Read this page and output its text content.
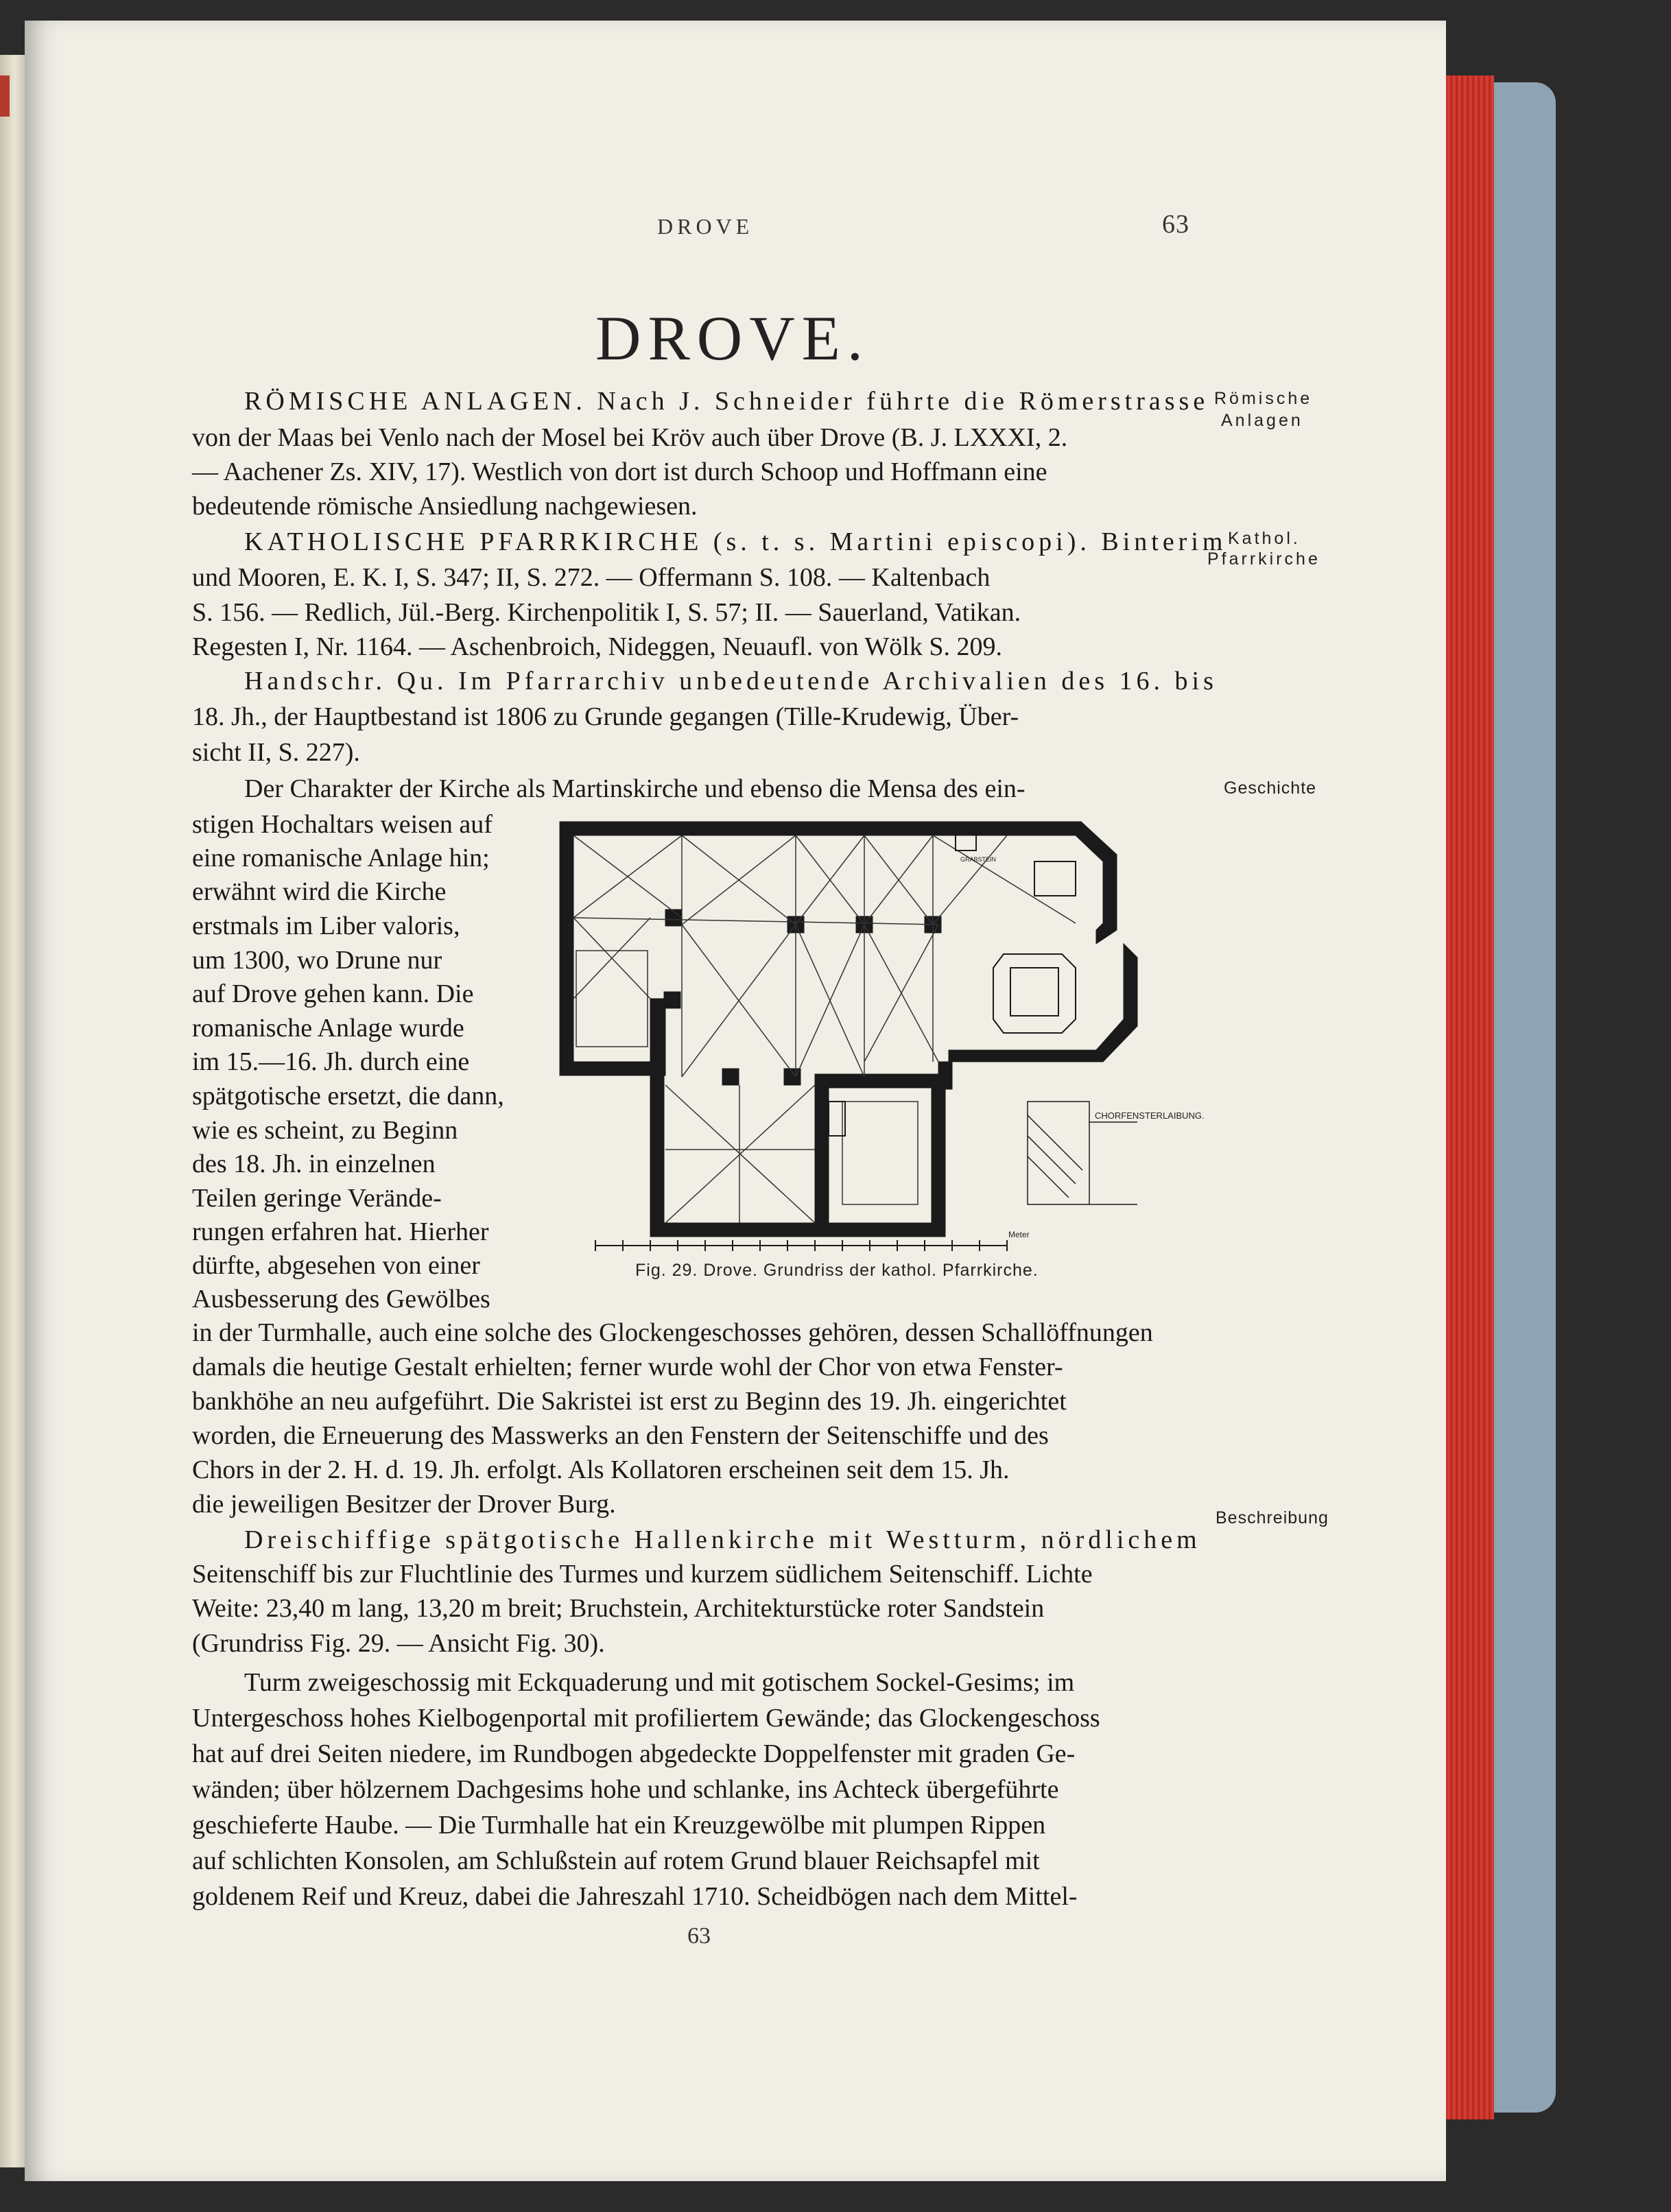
DROVE	63
DROVE.
Römische
Anlagen
Kathol.
Pfarrkirche
Geschichte
Beschreibung
RÖMISCHE ANLAGEN. Nach J. Schneider führte die Römerstrasse
von der Maas bei Venlo nach der Mosel bei Kröv auch über Drove (B. J. LXXXI, 2.
— Aachener Zs. XIV, 17). Westlich von dort ist durch Schoop und Hoffmann eine
bedeutende römische Ansiedlung nachgewiesen.
KATHOLISCHE PFARRKIRCHE (s. t. s. Martini episcopi). Binterim
und Mooren, E. K. I, S. 347; II, S. 272. — Offermann S. 108. — Kaltenbach
S. 156. — Redlich, Jül.-Berg. Kirchenpolitik I, S. 57; II. — Sauerland, Vatikan.
Regesten I, Nr. 1164. — Aschenbroich, Nideggen, Neuaufl. von Wölk S. 209.
Handschr. Qu. Im Pfarrarchiv unbedeutende Archivalien des 16. bis
18. Jh., der Hauptbestand ist 1806 zu Grunde gegangen (Tille-Krudewig, Über-
sicht II, S. 227).
Der Charakter der Kirche als Martinskirche und ebenso die Mensa des ein-
stigen Hochaltars weisen auf
eine romanische Anlage hin;
erwähnt wird die Kirche
erstmals im Liber valoris,
um 1300, wo Drune nur
auf Drove gehen kann. Die
romanische Anlage wurde
im 15.—16. Jh. durch eine
spätgotische ersetzt, die dann,
wie es scheint, zu Beginn
des 18. Jh. in einzelnen
Teilen geringe Verände-
rungen erfahren hat. Hierher
dürfte, abgesehen von einer
Ausbesserung des Gewölbes
in der Turmhalle, auch eine solche des Glockengeschosses gehören, dessen Schallöffnungen
damals die heutige Gestalt erhielten; ferner wurde wohl der Chor von etwa Fenster-
bankhöhe an neu aufgeführt. Die Sakristei ist erst zu Beginn des 19. Jh. eingerichtet
worden, die Erneuerung des Masswerks an den Fenstern der Seitenschiffe und des
Chors in der 2. H. d. 19. Jh. erfolgt. Als Kollatoren erscheinen seit dem 15. Jh.
die jeweiligen Besitzer der Drover Burg.
Dreischiffige spätgotische Hallenkirche mit Westturm, nördlichem
Seitenschiff bis zur Fluchtlinie des Turmes und kurzem südlichem Seitenschiff. Lichte
Weite: 23,40 m lang, 13,20 m breit; Bruchstein, Architekturstücke roter Sandstein
(Grundriss Fig. 29. — Ansicht Fig. 30).
Turm zweigeschossig mit Eckquaderung und mit gotischem Sockel-Gesims; im
Untergeschoss hohes Kielbogenportal mit profiliertem Gewände; das Glockengeschoss
hat auf drei Seiten niedere, im Rundbogen abgedeckte Doppelfenster mit graden Ge-
wänden; über hölzernem Dachgesims hohe und schlanke, ins Achteck übergeführte
geschieferte Haube. — Die Turmhalle hat ein Kreuzgewölbe mit plumpen Rippen
auf schlichten Konsolen, am Schlußstein auf rotem Grund blauer Reichsapfel mit
goldenem Reif und Kreuz, dabei die Jahreszahl 1710. Scheidbögen nach dem Mittel-
CHORFENSTERLAIBUNG.
GRABSTEIN
Meter
Fig. 29. Drove. Grundriss der kathol. Pfarrkirche.
63
